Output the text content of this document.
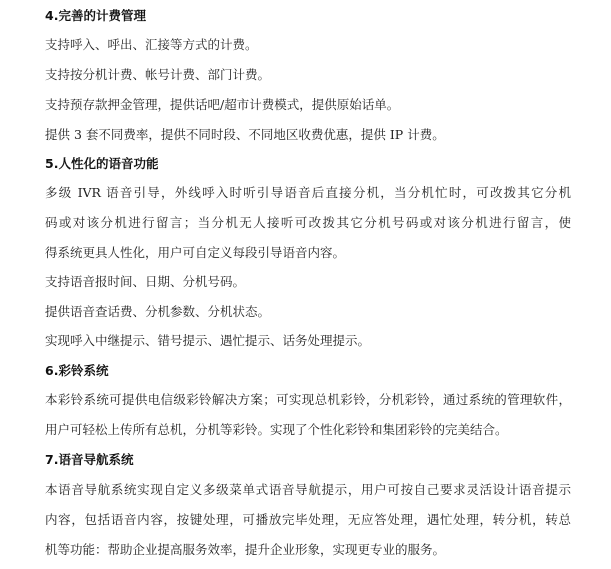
4.完善的计费管理
支持呼入、呼出、汇接等方式的计费。
支持按分机计费、帐号计费、部门计费。
支持预存款押金管理，提供话吧/超市计费模式，提供原始话单。
提供 3 套不同费率，提供不同时段、不同地区收费优惠，提供 IP 计费。
5.人性化的语音功能
多级 IVR 语音引导，外线呼入时听引导语音后直接分机，当分机忙时，可改拨其它分机
码或对该分机进行留言；当分机无人接听可改拨其它分机号码或对该分机进行留言，使
得系统更具人性化，用户可自定义每段引导语音内容。
支持语音报时间、日期、分机号码。
提供语音查话费、分机参数、分机状态。
实现呼入中继提示、错号提示、遇忙提示、话务处理提示。
6.彩铃系统
本彩铃系统可提供电信级彩铃解决方案；可实现总机彩铃，分机彩铃，通过系统的管理软件，
用户可轻松上传所有总机，分机等彩铃。实现了个性化彩铃和集团彩铃的完美结合。
7.语音导航系统
本语音导航系统实现自定义多级菜单式语音导航提示，用户可按自己要求灵活设计语音提示
内容，包括语音内容，按键处理，可播放完毕处理，无应答处理，遇忙处理，转分机，转总
机等功能：帮助企业提高服务效率，提升企业形象，实现更专业的服务。
